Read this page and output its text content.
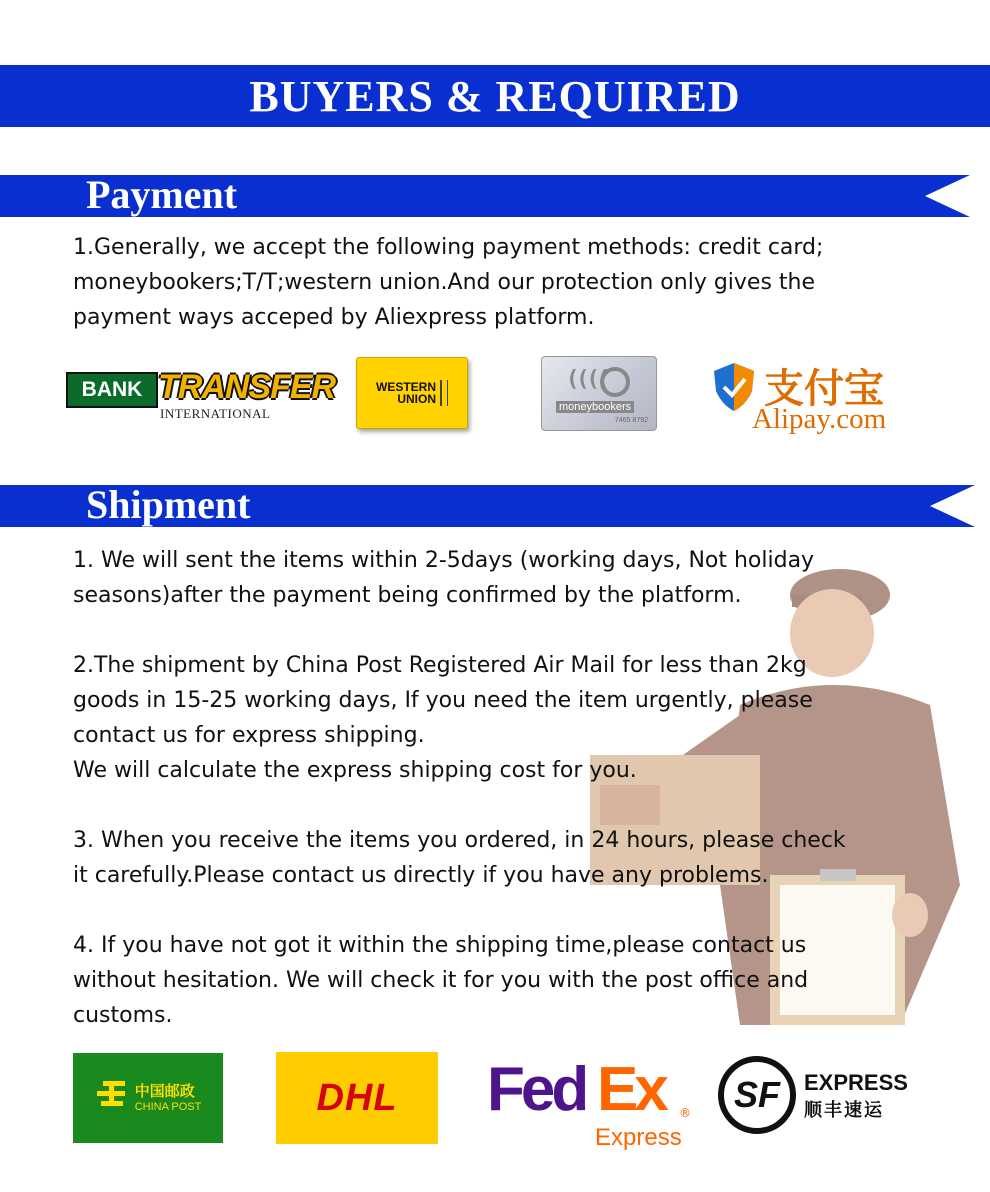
BUYERS & REQUIRED
Payment
1.Generally, we accept the following payment methods: credit card;
moneybookers;T/T;western union.And our protection only gives the
payment ways acceped by Aliexpress platform.
BANK TRANSFER
INTERNATIONAL
WESTERN
UNION
((((
moneybookers
7465 8792
支付宝
Alipay.com
Shipment
1. We will sent the items within 2-5days (working days, Not holiday
seasons)after the payment being confirmed by the platform.
2.The shipment by China Post Registered Air Mail for less than 2kg
goods in 15-25 working days, If you need the item urgently, please
contact us for express shipping.
We will calculate the express shipping cost for you.
3. When you receive the items you ordered, in 24 hours, please check
it carefully.Please contact us directly if you have any problems.
4. If you have not got it within the shipping time,please contact us
without hesitation. We will check it for you with the post office and
customs.
中国邮政
CHINA POST	DHL Fed Ex ®
Express
SF	EXPRESS
顺丰速运
